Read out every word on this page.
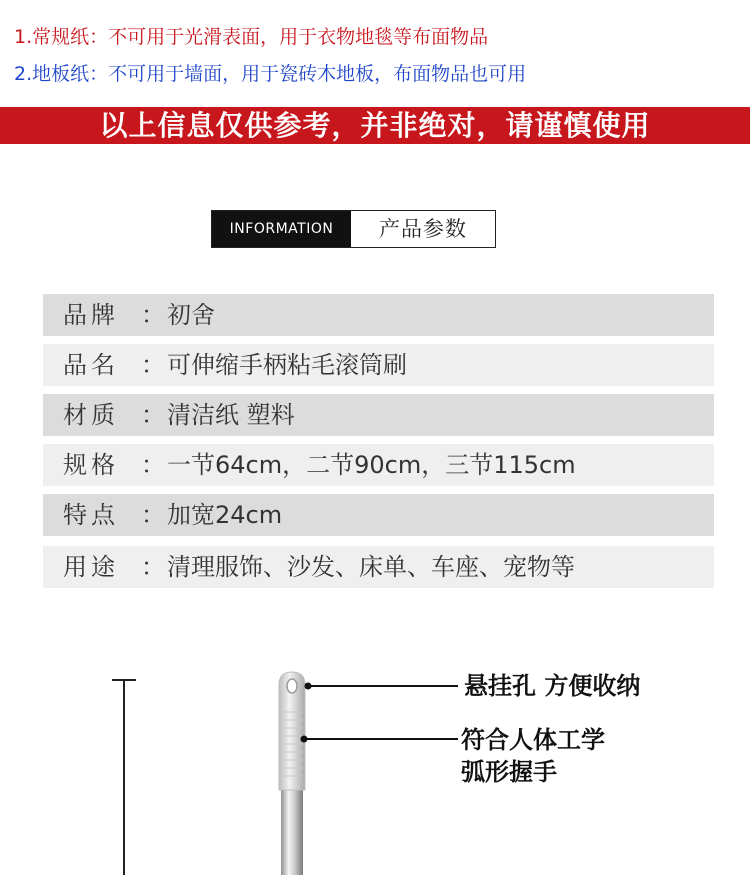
1.常规纸：不可用于光滑表面，用于衣物地毯等布面物品
2.地板纸：不可用于墙面，用于瓷砖木地板，布面物品也可用
以上信息仅供参考，并非绝对，请谨慎使用
INFORMATION	产品参数
品牌 ： 初舍
品名 ： 可伸缩手柄粘毛滚筒刷
材质 ： 清洁纸 塑料
规格 ： 一节64cm，二节90cm，三节115cm
特点 ： 加宽24cm
用途 ： 清理服饰、沙发、床单、车座、宠物等
悬挂孔 方便收纳
符合人体工学
弧形握手
